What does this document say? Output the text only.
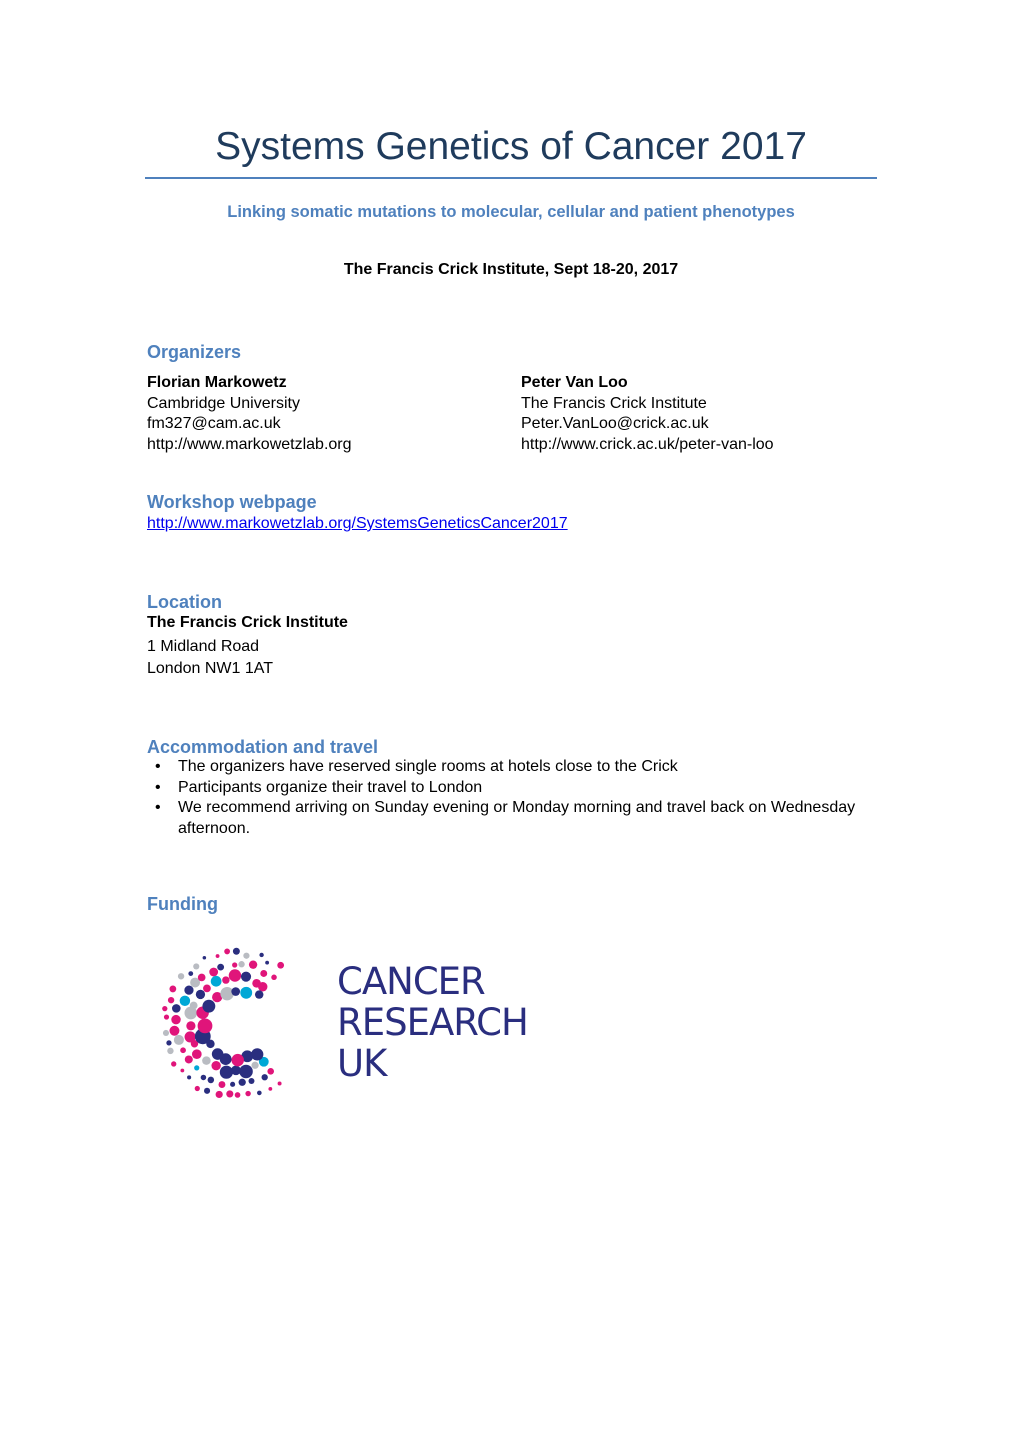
Systems Genetics of Cancer 2017
Linking somatic mutations to molecular, cellular and patient phenotypes
The Francis Crick Institute, Sept 18-20, 2017
Organizers
Florian Markowetz
Cambridge University
fm327@cam.ac.uk
http://www.markowetzlab.org
Peter Van Loo
The Francis Crick Institute
Peter.VanLoo@crick.ac.uk
http://www.crick.ac.uk/peter-van-loo
Workshop webpage
http://www.markowetzlab.org/SystemsGeneticsCancer2017
Location
The Francis Crick Institute
1 Midland Road
London NW1 1AT
Accommodation and travel
• The organizers have reserved single rooms at hotels close to the Crick
• Participants organize their travel to London
• We recommend arriving on Sunday evening or Monday morning and travel back on Wednesday afternoon.
Funding
CANCER
RESEARCH
UK
